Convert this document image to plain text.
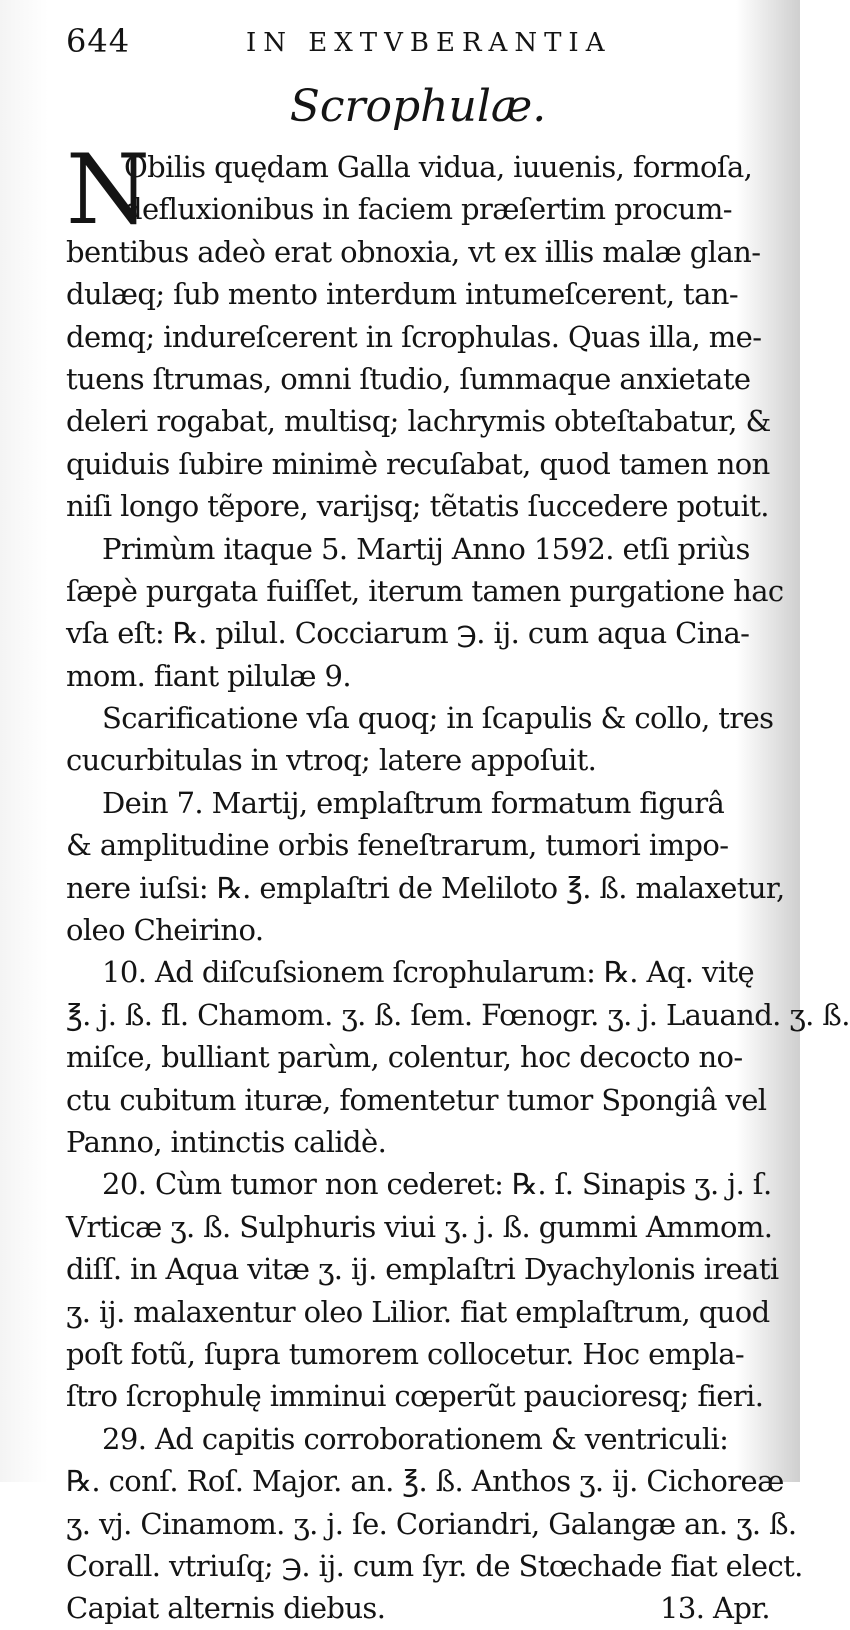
644	IN EXTVBERANTIA
Scrophulæ.
N
Obilis quędam Galla vidua, iuuenis, formoſa,
defluxionibus in faciem præſertim procum-
bentibus adeò erat obnoxia, vt ex illis malæ glan-
dulæq; ſub mento interdum intumeſcerent, tan-
demq; indureſcerent in ſcrophulas. Quas illa, me-
tuens ſtrumas, omni ſtudio, ſummaque anxietate
deleri rogabat, multisq; lachrymis obteſtabatur, &
quiduis ſubire minimè recuſabat, quod tamen non
niſi longo tẽpore, varijsq; tẽtatis ſuccedere potuit.
Primùm itaque 5. Martij Anno 1592. etſi priùs
ſæpè purgata fuiſſet, iterum tamen purgatione hac
vſa eſt: ℞. pilul. Cocciarum ℈. ij. cum aqua Cina-
mom. fiant pilulæ 9.
Scarificatione vſa quoq; in ſcapulis & collo, tres
cucurbitulas in vtroq; latere appoſuit.
Dein 7. Martij, emplaſtrum formatum figurâ
& amplitudine orbis feneſtrarum, tumori impo-
nere iuſsi: ℞. emplaſtri de Meliloto ℥. ß. malaxetur,
oleo Cheirino.
10. Ad diſcuſsionem ſcrophularum: ℞. Aq. vitę
℥. j. ß. fl. Chamom. ʒ. ß. ſem. Fœnogr. ʒ. j. Lauand. ʒ. ß.
miſce, bulliant parùm, colentur, hoc decocto no-
ctu cubitum ituræ, fomentetur tumor Spongiâ vel
Panno, intinctis calidè.
20. Cùm tumor non cederet: ℞. ſ. Sinapis ʒ. j. ſ.
Vrticæ ʒ. ß. Sulphuris viui ʒ. j. ß. gummi Ammom.
diſſ. in Aqua vitæ ʒ. ij. emplaſtri Dyachylonis ireati
ʒ. ij. malaxentur oleo Lilior. fiat emplaſtrum, quod
poſt fotũ, ſupra tumorem collocetur. Hoc empla-
ſtro ſcrophulę imminui cœperũt paucioresq; fieri.
29. Ad capitis corroborationem & ventriculi:
℞. conſ. Roſ. Major. an. ℥. ß. Anthos ʒ. ij. Cichoreæ
ʒ. vj. Cinamom. ʒ. j. ſe. Coriandri, Galangæ an. ʒ. ß.
Corall. vtriuſq; ℈. ij. cum ſyr. de Stœchade fiat elect.
Capiat alternis diebus.	13. Apr.
